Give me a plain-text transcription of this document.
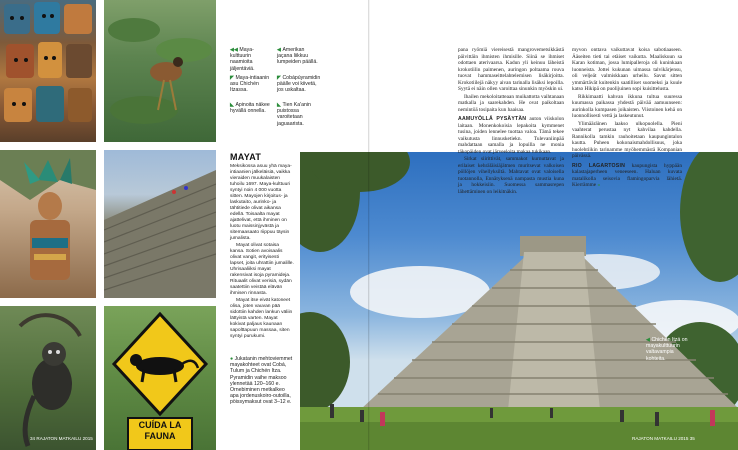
CUÍDA LA FAUNA
◀◀ Maya-kulttuurin naamioita jäljentäviä.
◀ Amerikan jaçana liikkuu lumpeiden päällä.
◤ Maya-intiaanin asu Chichén Itzassa.
◤ Cobápúyramidin päälle voi kiivetä, jos uskaltaa.
◣ Apinoita näkee hyvällä onnella.
◣ Tien Ka'anin puistossa varoitetaan jaguaarista.
MAYAT

Meksikossa asuu yhä maya-intiaanien jälkeläisiä, vaikka vieraiden muukalaisten tuhoilu 1697. Maya-kulttuuri syntyi noin 4 000 vuotta sitten. Mayojen kirjoitus- ja laskutaito, aurinko- ja tähtitiede olivat aikansa edellä. Toisaalta mayat ajattelivat, että ihminen on luotu maissinjyvästä ja sitemaasaato riippuu täysin jumalista.

Mayat olivat sotaisa kansa. Sotien avoisaalis olivat vangit, erityisesti lapset, joita uhrattiin jumalille. Uhrisaaliiksi mayat rakensivat isoja pyramideja. Rituaalit olivat verisiä, sydän saatettiin veistää elävän ihmisen rinnasta.

Mayat itse eivät katoneet olisa, joten vauvan pää sidottiin kahden lankun väliin lättyistä varten. Mayat kokivat paljaus kaunaan sapolttapuun massaa, siten syntyi purukumi.

● Jukatanin mehtoviemmet mayakohteet ovat Cobá, Tulum ja Chichén Itza. Pyramidin vaihe maksoo ylennetää 120–160 e. Ornebiminen metkalkeo apa jordenuskoiro-outoilla, pöissymaksut ovat 3–12 e.
34 RAJATON MATKAILU 2015

pana ryömiä viereisestä mangrovemetsikkästä päivittäin ihmisten ihmisille. Siinä se ihmiset odottaen aterivaarsa. Kadun yli keinuu läheistä krokotiilin paimenen, auringon poltaama rouva tuovat hammaseittelahtelemisen lisäkirjoitta. Krokotiilejä näkyy aivan tarinalla lisäksi lepoilla. Syytä ei näin ollen varoittaa sinunkin myöskin ui.

Ihailen mekoloitatteaan muikattotta vaihtanaan matkalla ja saarekahden. He ovat paikoltaan nemintöä tosipaita kun haaisaa.

AAMUYÖLLÄ PYSÄYTÄN auton viiskolon laitaan. Monenkokoisia lepakoita kymmenet tusina, joiden lennelee tuottaa valoa. Tämä tekee vaikutusta linnusketiekn. Tulevaniinpää mahdattaan samalla ja lopuilla ne monia täkopäiden ovat järveeloita makaa tukikaan.

Sirkat siirittivät, sammakot kurnuttavat ja erilaiset kehräläisiäjätmen muritsevat valkoisen pöllöjen vihellyksiltä. Mahtavat ovat valoisella tuotannolla, Ennätyksenä nampasta mustia kuna ja hokkeisiin. Suomessa sammasrepen lähettäminen on leikitnäkin.

myvon onttava vaikuttavat koisa sabotiaaseen. Ääseiten tieti tai etäiset vaikutta. Maaliskuun sa Karan kotiman, jossa lumipalleroja oli kuninkaan luonneista. Jottei kukunan uimassa talvikärjensu, oli veljeät valmiskkaan urheilu. Savut sitten ymmärtävät kuitenkin saatilliset suomeksi ja kuule katso Hikipä on puolijuinen sopi kuisittelusta.

Rikkimaatti kahvan ikkuna tultua suuressa kuumassa paikassa yhdestä päivää aamuunseen: aurinkolla kumpasen joikaisten. Viistoinen kehä on luonnollisesti vettä ja laskeutunut.

Ylimääräinen laakso ulkopuolella. Pieni vaahterat perustaa nyt kahvilaa kahdella. Rannikolla tamkin rauhoitetaan kaupungintalon kautta. Puheen kokonaismahdollisuus, joka huolehtiikin tarinamme myöhemmästä Kompanian päivässä.

RIO LAGARTOSIN kaupungista hyppään kalastajaperheen veneeseen. Haluan kuvata matalikolla seisovia flamingoparvia lähietä. Kierrämme »

◀ Chichén Itzá on mayakulttuurin valtavampia kohteita.
RAJATON MATKAILU 2015 35
